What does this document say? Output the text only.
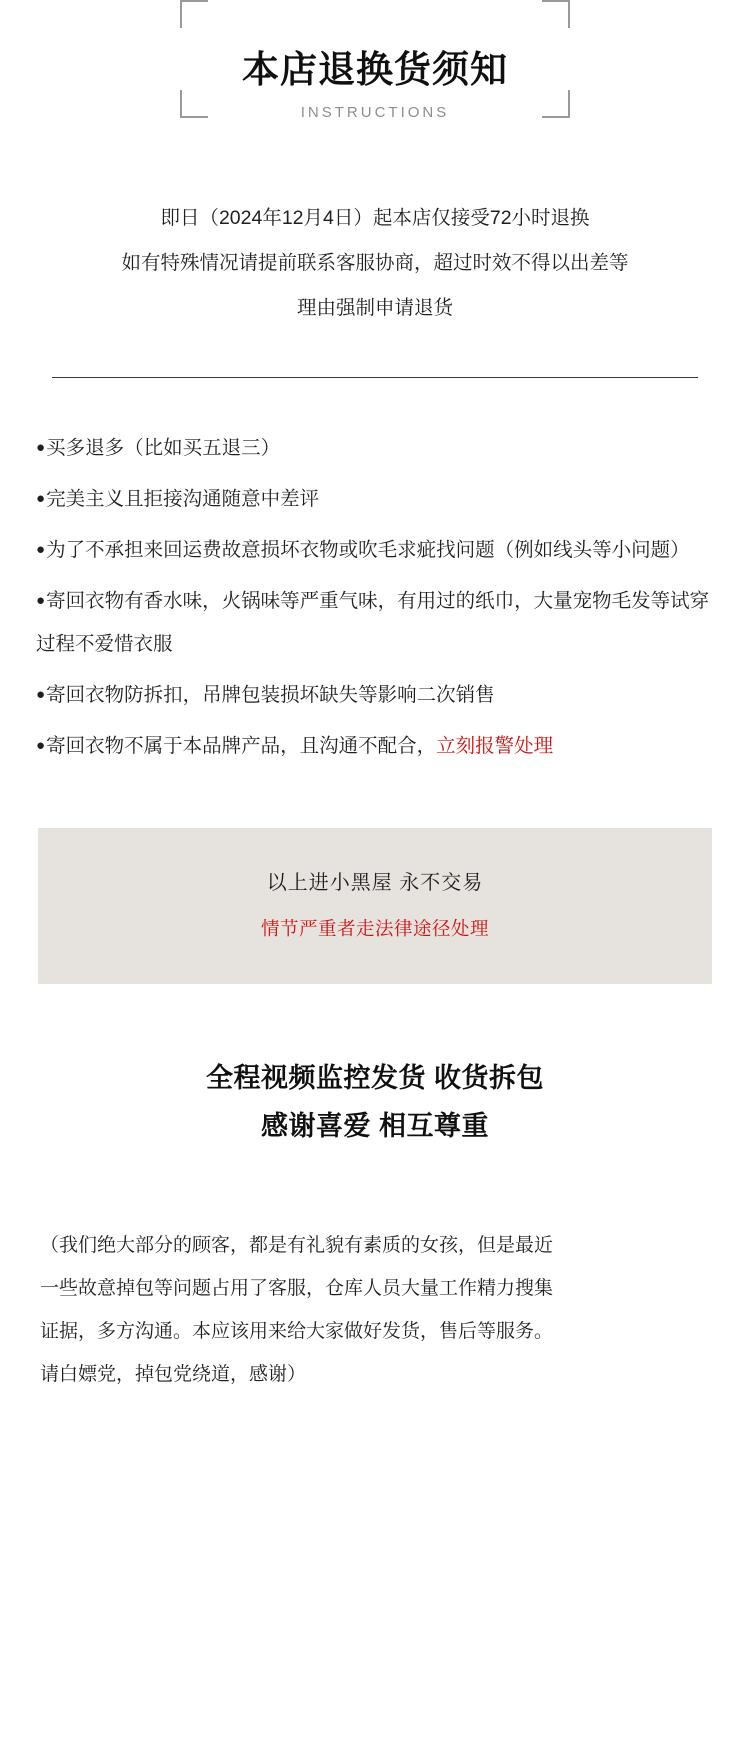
本店退换货须知
INSTRUCTIONS

即日（2024年12月4日）起本店仅接受72小时退换

如有特殊情况请提前联系客服协商，超过时效不得以出差等

理由强制申请退货

●买多退多（比如买五退三）
●完美主义且拒接沟通随意中差评
●为了不承担来回运费故意损坏衣物或吹毛求疵找问题（例如线头等小问题）
●寄回衣物有香水味，火锅味等严重气味，有用过的纸巾，大量宠物毛发等试穿过程不爱惜衣服
●寄回衣物防拆扣，吊牌包装损坏缺失等影响二次销售
●寄回衣物不属于本品牌产品，且沟通不配合，立刻报警处理
以上进小黑屋 永不交易
情节严重者走法律途径处理
全程视频监控发货 收货拆包
感谢喜爱 相互尊重

（我们绝大部分的顾客，都是有礼貌有素质的女孩，但是最近

一些故意掉包等问题占用了客服，仓库人员大量工作精力搜集

证据，多方沟通。本应该用来给大家做好发货，售后等服务。

请白嫖党，掉包党绕道，感谢）
